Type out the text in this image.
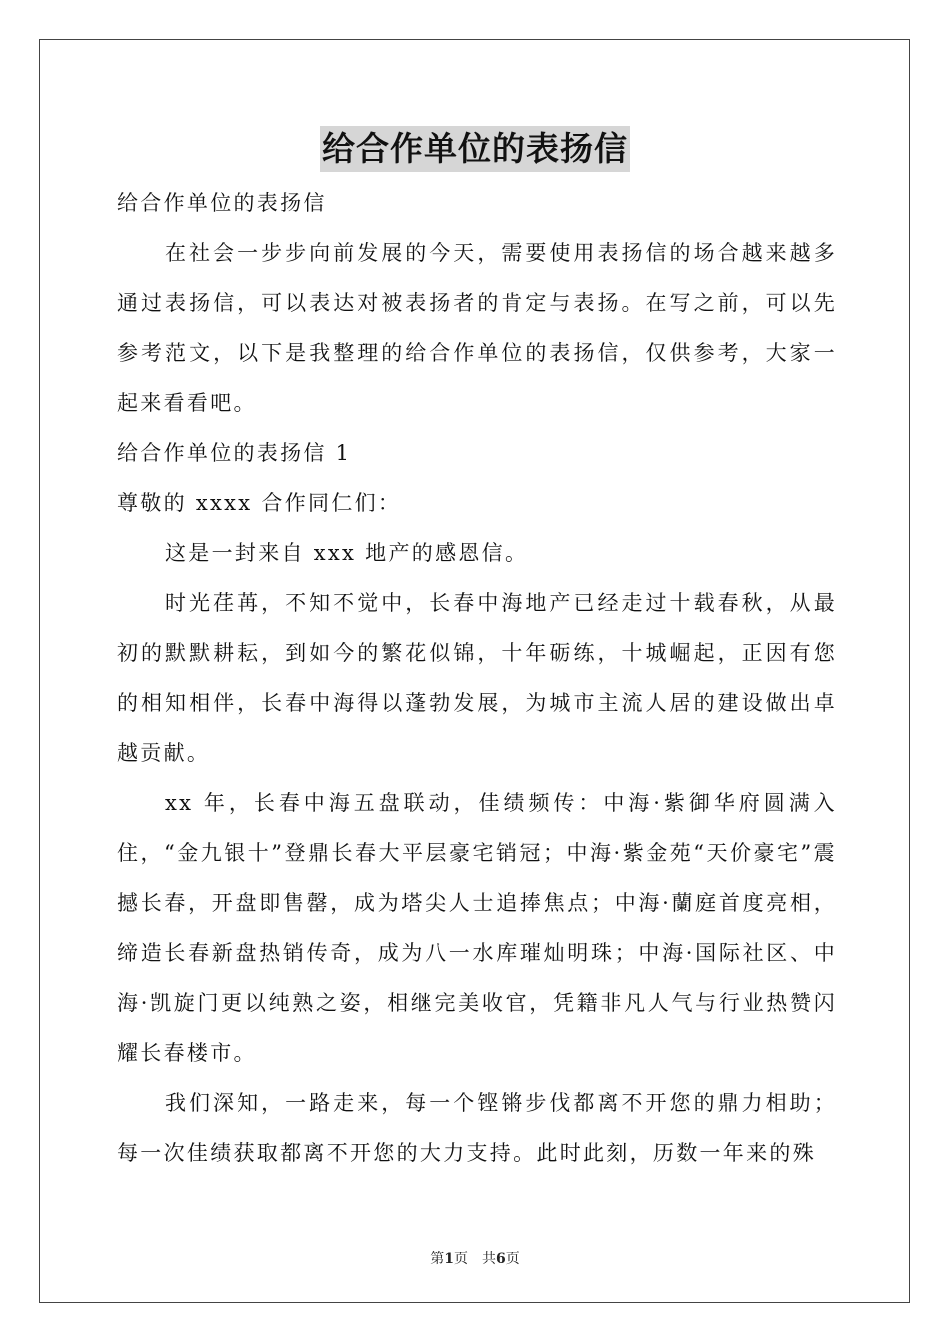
给合作单位的表扬信

给合作单位的表扬信

在社会一步步向前发展的今天，需要使用表扬信的场合越来越多通过表扬信，可以表达对被表扬者的肯定与表扬。在写之前，可以先参考范文，以下是我整理的给合作单位的表扬信，仅供参考，大家一起来看看吧。

给合作单位的表扬信 1

尊敬的 xxxx 合作同仁们：

这是一封来自 xxx 地产的感恩信。

时光荏苒，不知不觉中，长春中海地产已经走过十载春秋，从最初的默默耕耘，到如今的繁花似锦，十年砺练，十城崛起，正因有您的相知相伴，长春中海得以蓬勃发展，为城市主流人居的建设做出卓越贡献。

xx 年，长春中海五盘联动，佳绩频传：中海·紫御华府圆满入住，“金九银十”登鼎长春大平层豪宅销冠；中海·紫金苑“天价豪宅”震撼长春，开盘即售罄，成为塔尖人士追捧焦点；中海·蘭庭首度亮相，缔造长春新盘热销传奇，成为八一水库璀灿明珠；中海·国际社区、中海·凯旋门更以纯熟之姿，相继完美收官，凭籍非凡人气与行业热赞闪耀长春楼市。

我们深知，一路走来，每一个铿锵步伐都离不开您的鼎力相助；每一次佳绩获取都离不开您的大力支持。此时此刻，历数一年来的殊

第1页　共6页
